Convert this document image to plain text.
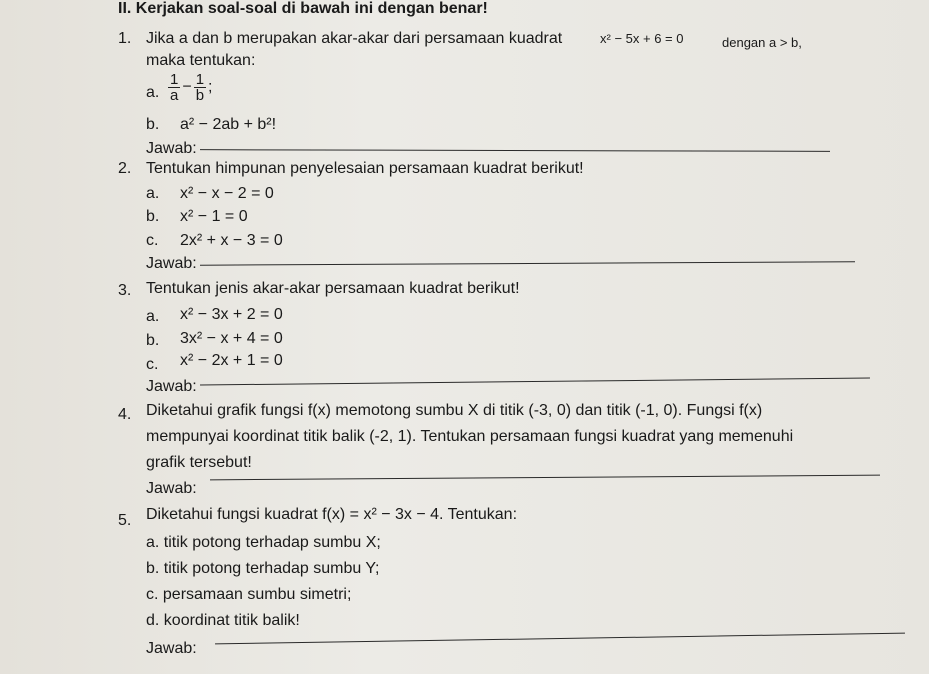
II. Kerjakan soal-soal di bawah ini dengan benar!
1. Jika a dan b merupakan akar-akar dari persamaan kuadrat	x² − 5x + 6 = 0	dengan a > b,
maka tentukan:
a. $\frac{1}{a} - \frac{1}{b}$ ;
b. a² − 2ab + b²!
Jawab:
2. Tentukan himpunan penyelesaian persamaan kuadrat berikut!
a. x² − x − 2 = 0
b. x² − 1 = 0
c. 2x² + x − 3 = 0
Jawab:
3. Tentukan jenis akar-akar persamaan kuadrat berikut!
a. x² − 3x + 2 = 0
b. 3x² − x + 4 = 0
c. x² − 2x + 1 = 0
Jawab:
4. Diketahui grafik fungsi f(x) memotong sumbu X di titik (-3, 0) dan titik (-1, 0). Fungsi f(x)
mempunyai koordinat titik balik (-2, 1). Tentukan persamaan fungsi kuadrat yang memenuhi
grafik tersebut!
Jawab:
5. Diketahui fungsi kuadrat f(x) = x² − 3x − 4. Tentukan:
a. titik potong terhadap sumbu X;
b. titik potong terhadap sumbu Y;
c. persamaan sumbu simetri;
d. koordinat titik balik!
Jawab:
